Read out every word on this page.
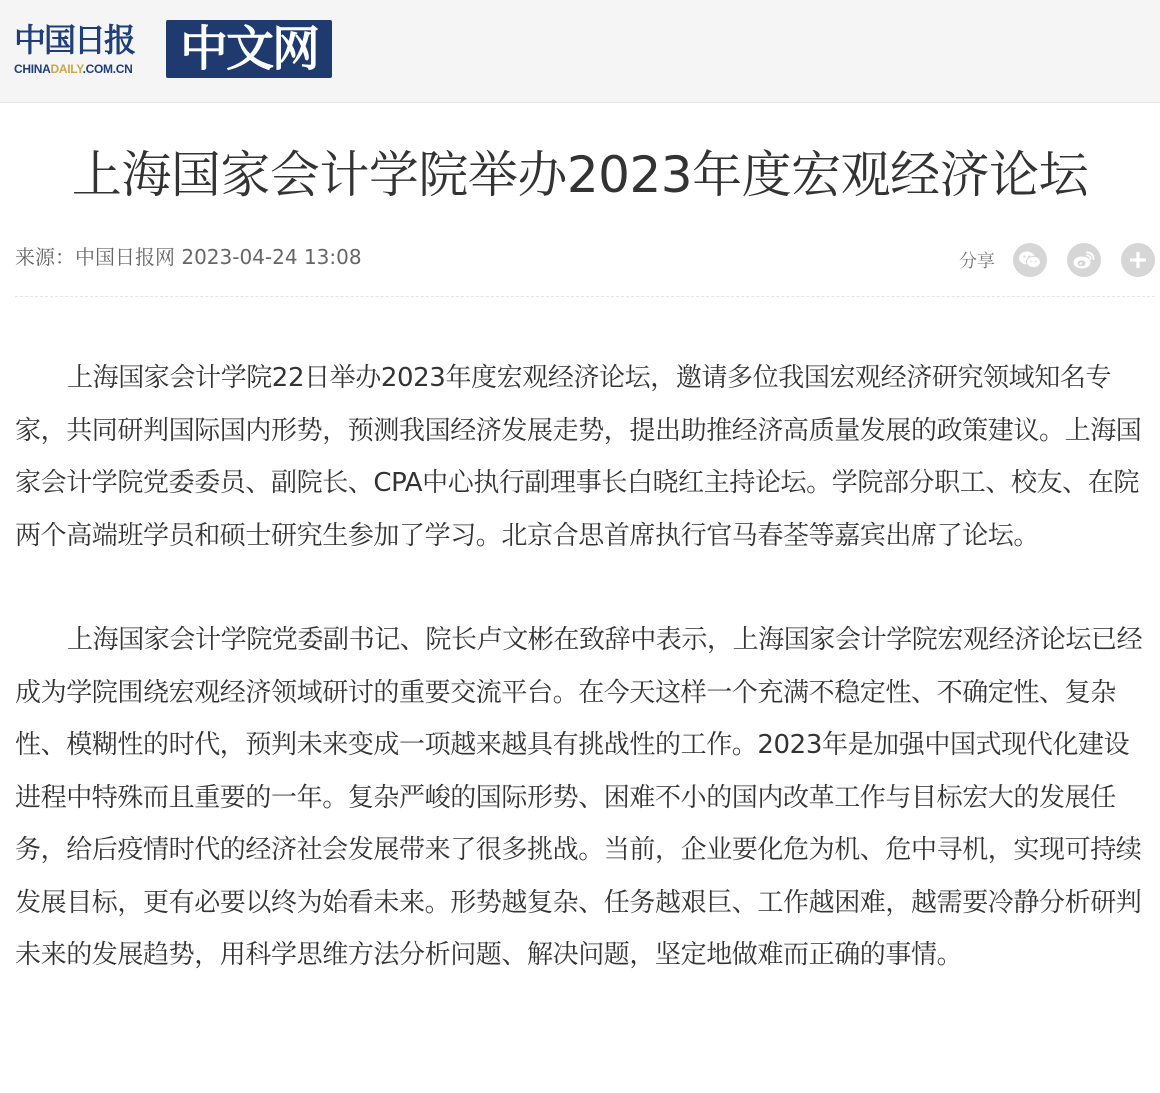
中国日报
CHINADAILY.COM.CN 中文网
上海国家会计学院举办2023年度宏观经济论坛
来源：中国日报网 2023-04-24 13:08	分享

上海国家会计学院22日举办2023年度宏观经济论坛，邀请多位我国宏观经济研究领域知名专家，共同研判国际国内形势，预测我国经济发展走势，提出助推经济高质量发展的政策建议。上海国家会计学院党委委员、副院长、CPA中心执行副理事长白晓红主持论坛。学院部分职工、校友、在院两个高端班学员和硕士研究生参加了学习。北京合思首席执行官马春荃等嘉宾出席了论坛。

上海国家会计学院党委副书记、院长卢文彬在致辞中表示，上海国家会计学院宏观经济论坛已经成为学院围绕宏观经济领域研讨的重要交流平台。在今天这样一个充满不稳定性、不确定性、复杂性、模糊性的时代，预判未来变成一项越来越具有挑战性的工作。2023年是加强中国式现代化建设进程中特殊而且重要的一年。复杂严峻的国际形势、困难不小的国内改革工作与目标宏大的发展任务，给后疫情时代的经济社会发展带来了很多挑战。当前，企业要化危为机、危中寻机，实现可持续发展目标，更有必要以终为始看未来。形势越复杂、任务越艰巨、工作越困难，越需要冷静分析研判未来的发展趋势，用科学思维方法分析问题、解决问题，坚定地做难而正确的事情。
